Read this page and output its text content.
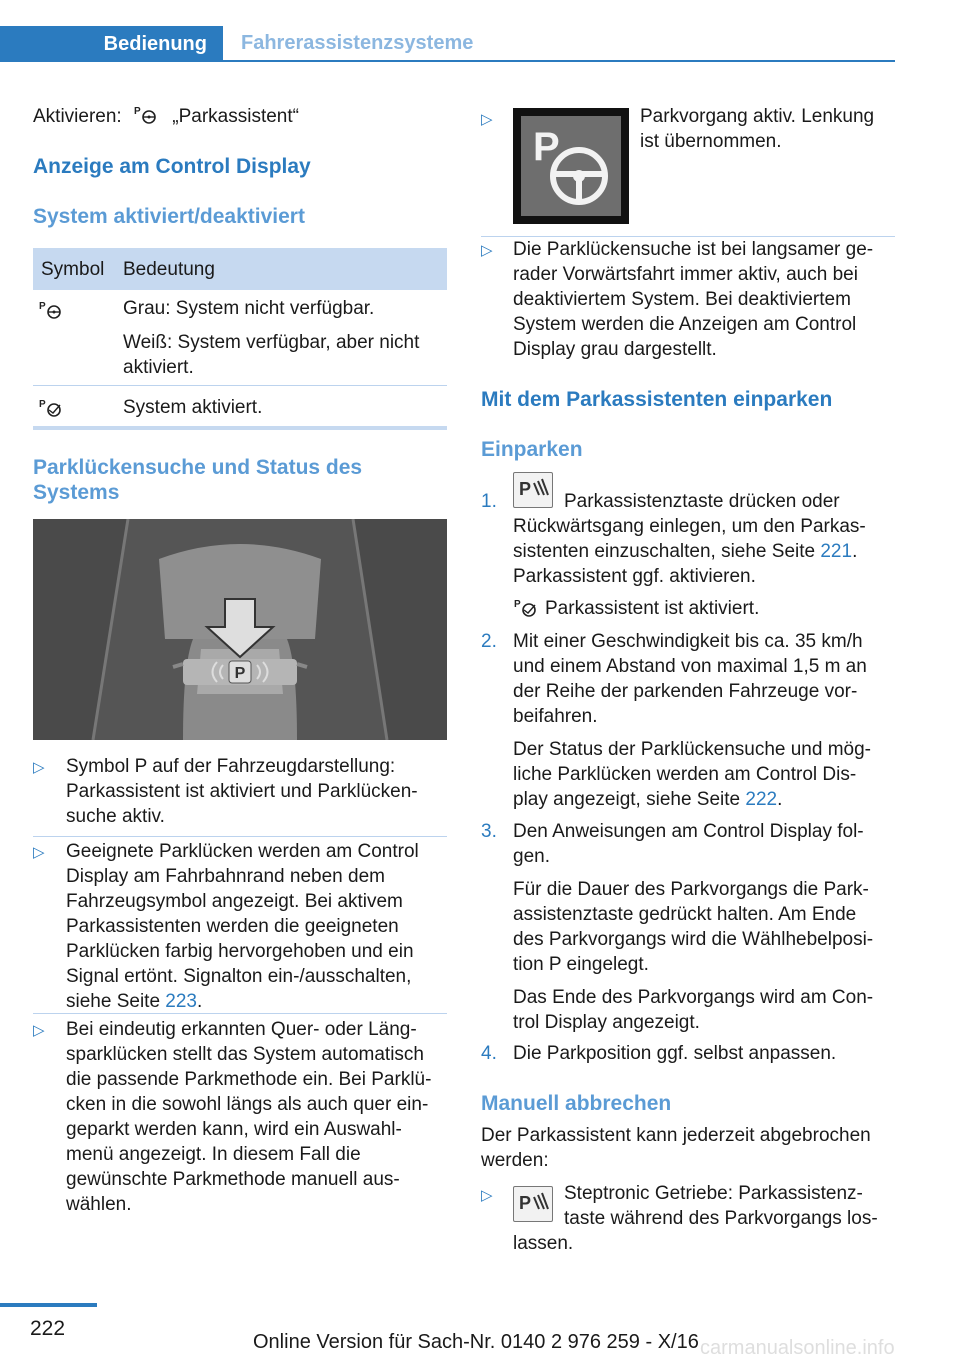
Bedienung	Fahrerassistenzsysteme
Aktivieren: P „Parkassistent“
Anzeige am Control Display
System aktiviert/deaktiviert
Symbol Bedeutung
P	Grau: System nicht verfügbar.
Weiß: System verfügbar, aber nicht
aktiviert.
P	System aktiviert.
Parklückensuche und Status des
Systems
P
▷ Symbol P auf der Fahrzeugdarstellung:
Parkassistent ist aktiviert und Parklücken‐
suche aktiv.
▷ Geeignete Parklücken werden am Control
Display am Fahrbahnrand neben dem
Fahrzeugsymbol angezeigt. Bei aktivem
Parkassistenten werden die geeigneten
Parklücken farbig hervorgehoben und ein
Signal ertönt. Signalton ein-/ausschalten,
siehe Seite 223.
▷ Bei eindeutig erkannten Quer- oder Läng‐
sparklücken stellt das System automatisch
die passende Parkmethode ein. Bei Parklü‐
cken in die sowohl längs als auch quer ein‐
geparkt werden kann, wird ein Auswahl‐
menü angezeigt. In diesem Fall die
gewünschte Parkmethode manuell aus‐
wählen.
▷
P
Parkvorgang aktiv. Lenkung
ist übernommen.
▷ Die Parklückensuche ist bei langsamer ge‐
rader Vorwärtsfahrt immer aktiv, auch bei
deaktiviertem System. Bei deaktiviertem
System werden die Anzeigen am Control
Display grau dargestellt.
Mit dem Parkassistenten einparken
Einparken
1.
P
Parkassistenztaste drücken oder
Rückwärtsgang einlegen, um den Parkas‐
sistenten einzuschalten, siehe Seite 221.
Parkassistent ggf. aktivieren.
P Parkassistent ist aktiviert.
2. Mit einer Geschwindigkeit bis ca. 35 km/h
und einem Abstand von maximal 1,5 m an
der Reihe der parkenden Fahrzeuge vor‐
beifahren.
Der Status der Parklückensuche und mög‐
liche Parklücken werden am Control Dis‐
play angezeigt, siehe Seite 222.
3. Den Anweisungen am Control Display fol‐
gen.
Für die Dauer des Parkvorgangs die Park‐
assistenztaste gedrückt halten. Am Ende
des Parkvorgangs wird die Wählhebelposi‐
tion P eingelegt.
Das Ende des Parkvorgangs wird am Con‐
trol Display angezeigt.
4. Die Parkposition ggf. selbst anpassen.
Manuell abbrechen
Der Parkassistent kann jederzeit abgebrochen
werden:
▷ P Steptronic Getriebe: Parkassistenz‐
taste während des Parkvorgangs los‐
lassen.
222
Online Version für Sach-Nr. 0140 2 976 259 - X/16 carmanualsonline.info
